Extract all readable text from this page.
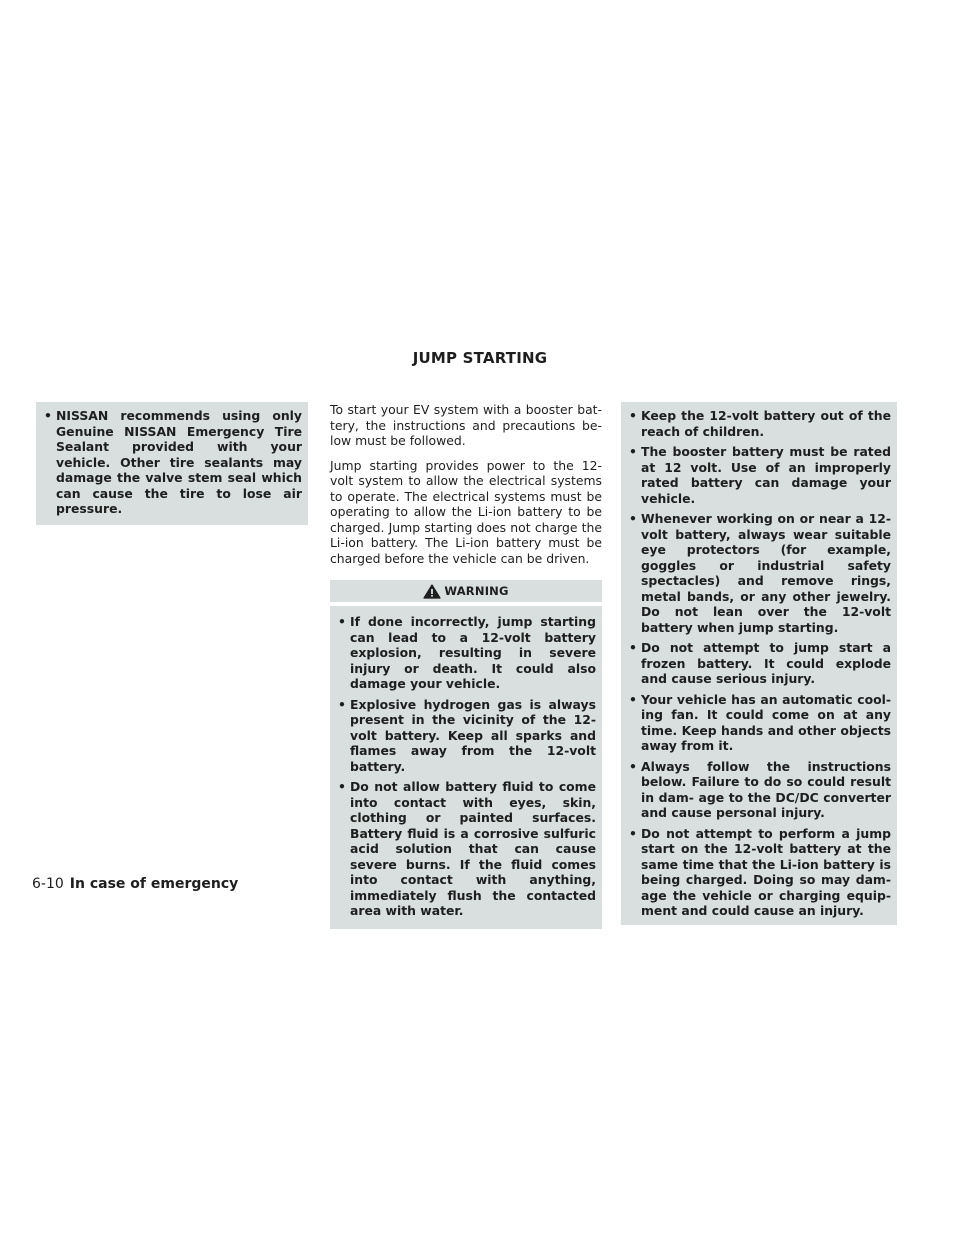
JUMP STARTING
• NISSAN recommends using only Genuine NISSAN Emergency Tire Sealant provided with your vehicle. Other tire sealants may damage the valve stem seal which can cause the tire to lose air pressure.

To start your EV system with a booster bat- tery, the instructions and precautions be- low must be followed.

Jump starting provides power to the 12- volt system to allow the electrical systems to operate. The electrical systems must be operating to allow the Li-ion battery to be charged. Jump starting does not charge the Li-ion battery. The Li-ion battery must be charged before the vehicle can be driven.

WARNING
• If done incorrectly, jump starting can lead to a 12-volt battery explosion, resulting in severe injury or death. It could also damage your vehicle.
• Explosive hydrogen gas is always present in the vicinity of the 12-volt battery. Keep all sparks and flames away from the 12-volt battery.
• Do not allow battery fluid to come into contact with eyes, skin, clothing or painted surfaces. Battery fluid is a corrosive sulfuric acid solution that can cause severe burns. If the fluid comes into contact with anything, immediately flush the contacted area with water.
• Keep the 12-volt battery out of the reach of children.
• The booster battery must be rated at 12 volt. Use of an improperly rated battery can damage your vehicle.
• Whenever working on or near a 12- volt battery, always wear suitable eye protectors (for example, goggles or industrial safety spectacles) and remove rings, metal bands, or any other jewelry. Do not lean over the 12-volt battery when jump starting.
• Do not attempt to jump start a frozen battery. It could explode and cause serious injury.
• Your vehicle has an automatic cool- ing fan. It could come on at any time. Keep hands and other objects away from it.
• Always follow the instructions below. Failure to do so could result in dam- age to the DC/DC converter and cause personal injury.
• Do not attempt to perform a jump start on the 12-volt battery at the same time that the Li-ion battery is being charged. Doing so may dam- age the vehicle or charging equip- ment and could cause an injury.
6-10 In case of emergency
